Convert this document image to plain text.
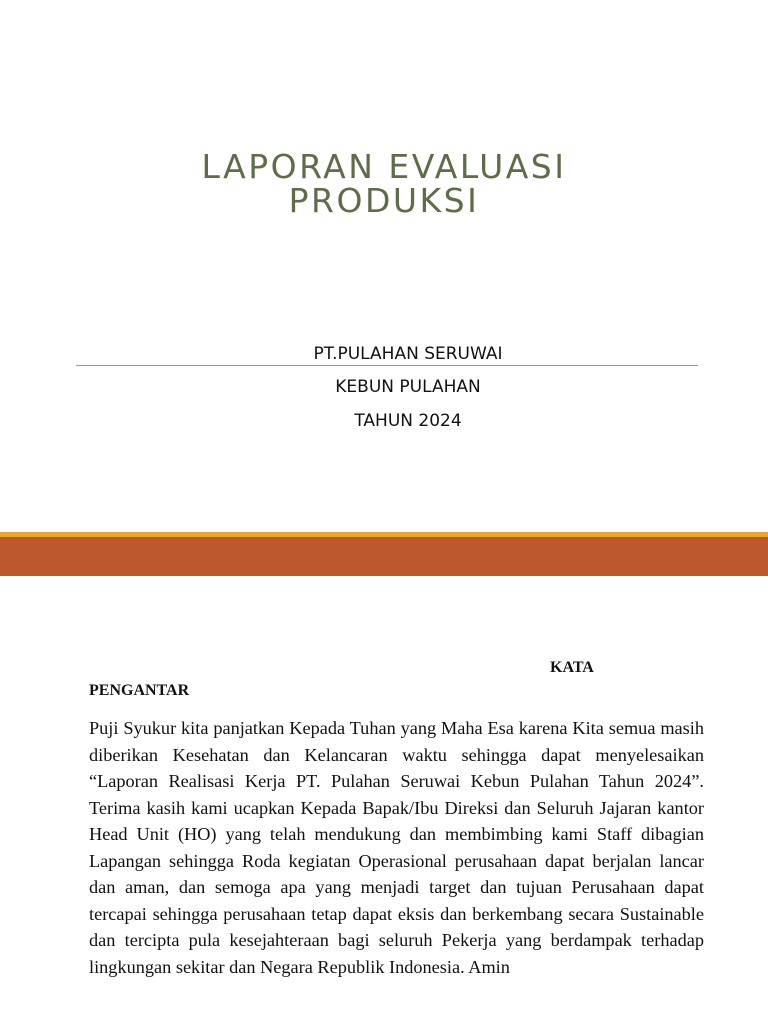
LAPORAN EVALUASI
PRODUKSI
PT.PULAHAN SERUWAI
KEBUN PULAHAN
TAHUN 2024
KATA
PENGANTAR

Puji Syukur kita panjatkan Kepada Tuhan yang Maha Esa karena Kita semua masih diberikan Kesehatan dan Kelancaran waktu sehingga dapat menyelesaikan “Laporan Realisasi Kerja PT. Pulahan Seruwai Kebun Pulahan Tahun 2024”. Terima kasih kami ucapkan Kepada Bapak/Ibu Direksi dan Seluruh Jajaran kantor Head Unit (HO) yang telah mendukung dan membimbing kami Staff dibagian Lapangan sehingga Roda kegiatan Operasional perusahaan dapat berjalan lancar dan aman, dan semoga apa yang menjadi target dan tujuan Perusahaan dapat tercapai sehingga perusahaan tetap dapat eksis dan berkembang secara Sustainable dan tercipta pula kesejahteraan bagi seluruh Pekerja yang berdampak terhadap lingkungan sekitar dan Negara Republik Indonesia. Amin
